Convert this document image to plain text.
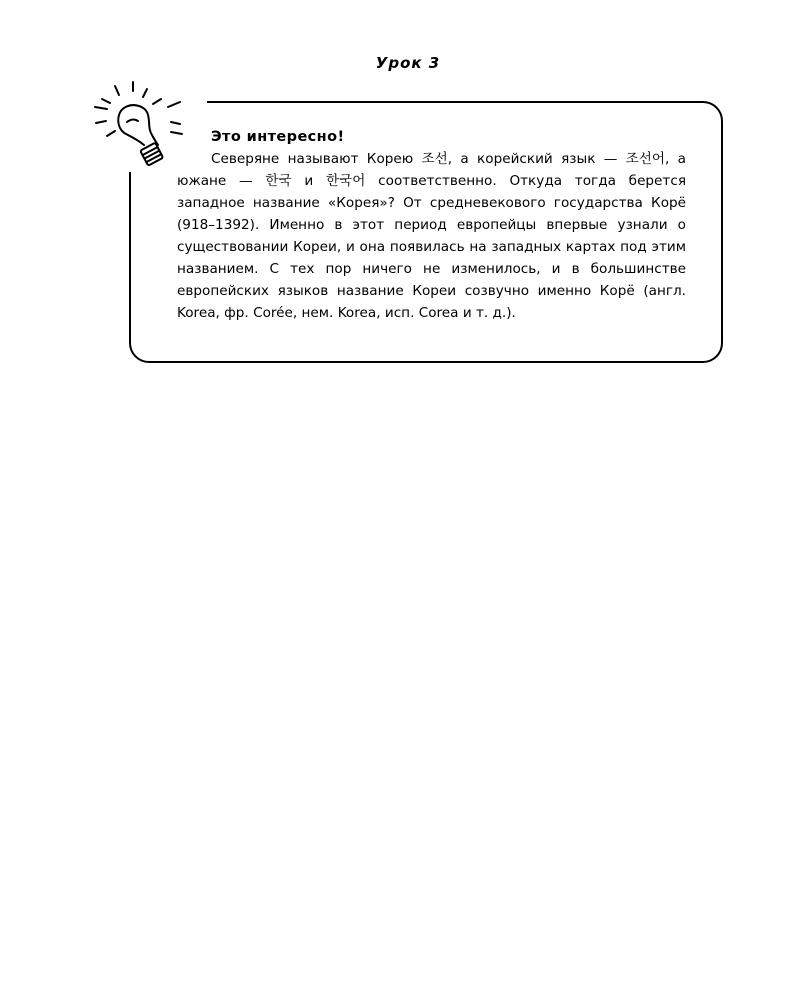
Урок 3
Это интересно!

Северяне называют Корею 조선, а корейский язык — 조선어, а южане — 한국 и 한국어 соответственно. Откуда тогда берется западное название «Корея»? От средневекового государства Корё (918–1392). Именно в этот период европейцы впервые узнали о существовании Кореи, и она появилась на западных картах под этим названием. С тех пор ничего не изменилось, и в большинстве европейских языков название Кореи созвучно именно Корё (англ. Korea, фр. Corée, нем. Korea, исп. Corea и т. д.).
